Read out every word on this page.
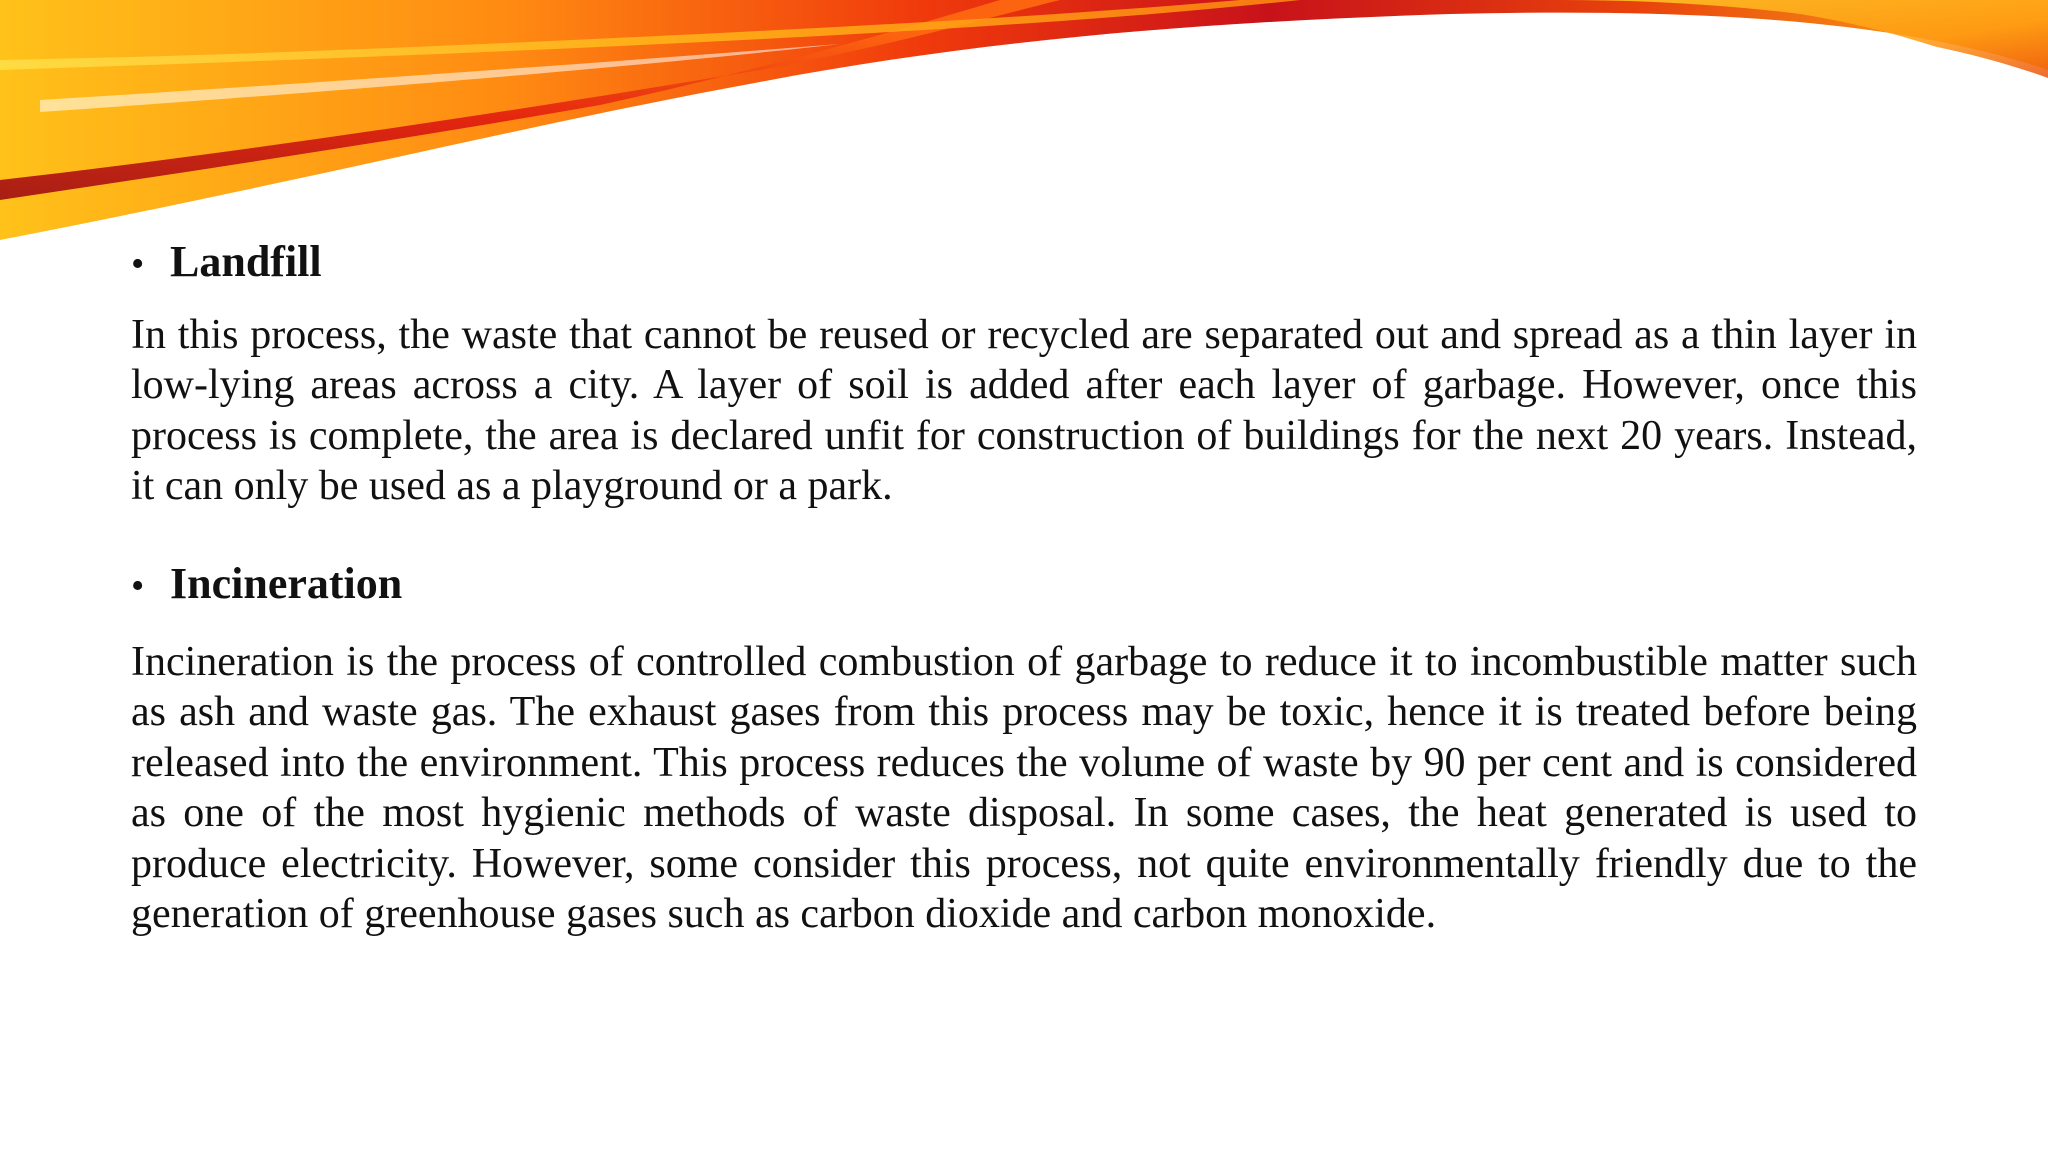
• Landfill

In this process, the waste that cannot be reused or recycled are separated out and spread as a thin layer in low-lying areas across a city. A layer of soil is added after each layer of garbage. However, once this process is complete, the area is declared unfit for construction of buildings for the next 20 years. Instead, it can only be used as a playground or a park.

• Incineration

Incineration is the process of controlled combustion of garbage to reduce it to incombustible matter such as ash and waste gas. The exhaust gases from this process may be toxic, hence it is treated before being released into the environment. This process reduces the volume of waste by 90 per cent and is considered as one of the most hygienic methods of waste disposal. In some cases, the heat generated is used to produce electricity. However, some consider this process, not quite environmentally friendly due to the generation of greenhouse gases such as carbon dioxide and carbon monoxide.
